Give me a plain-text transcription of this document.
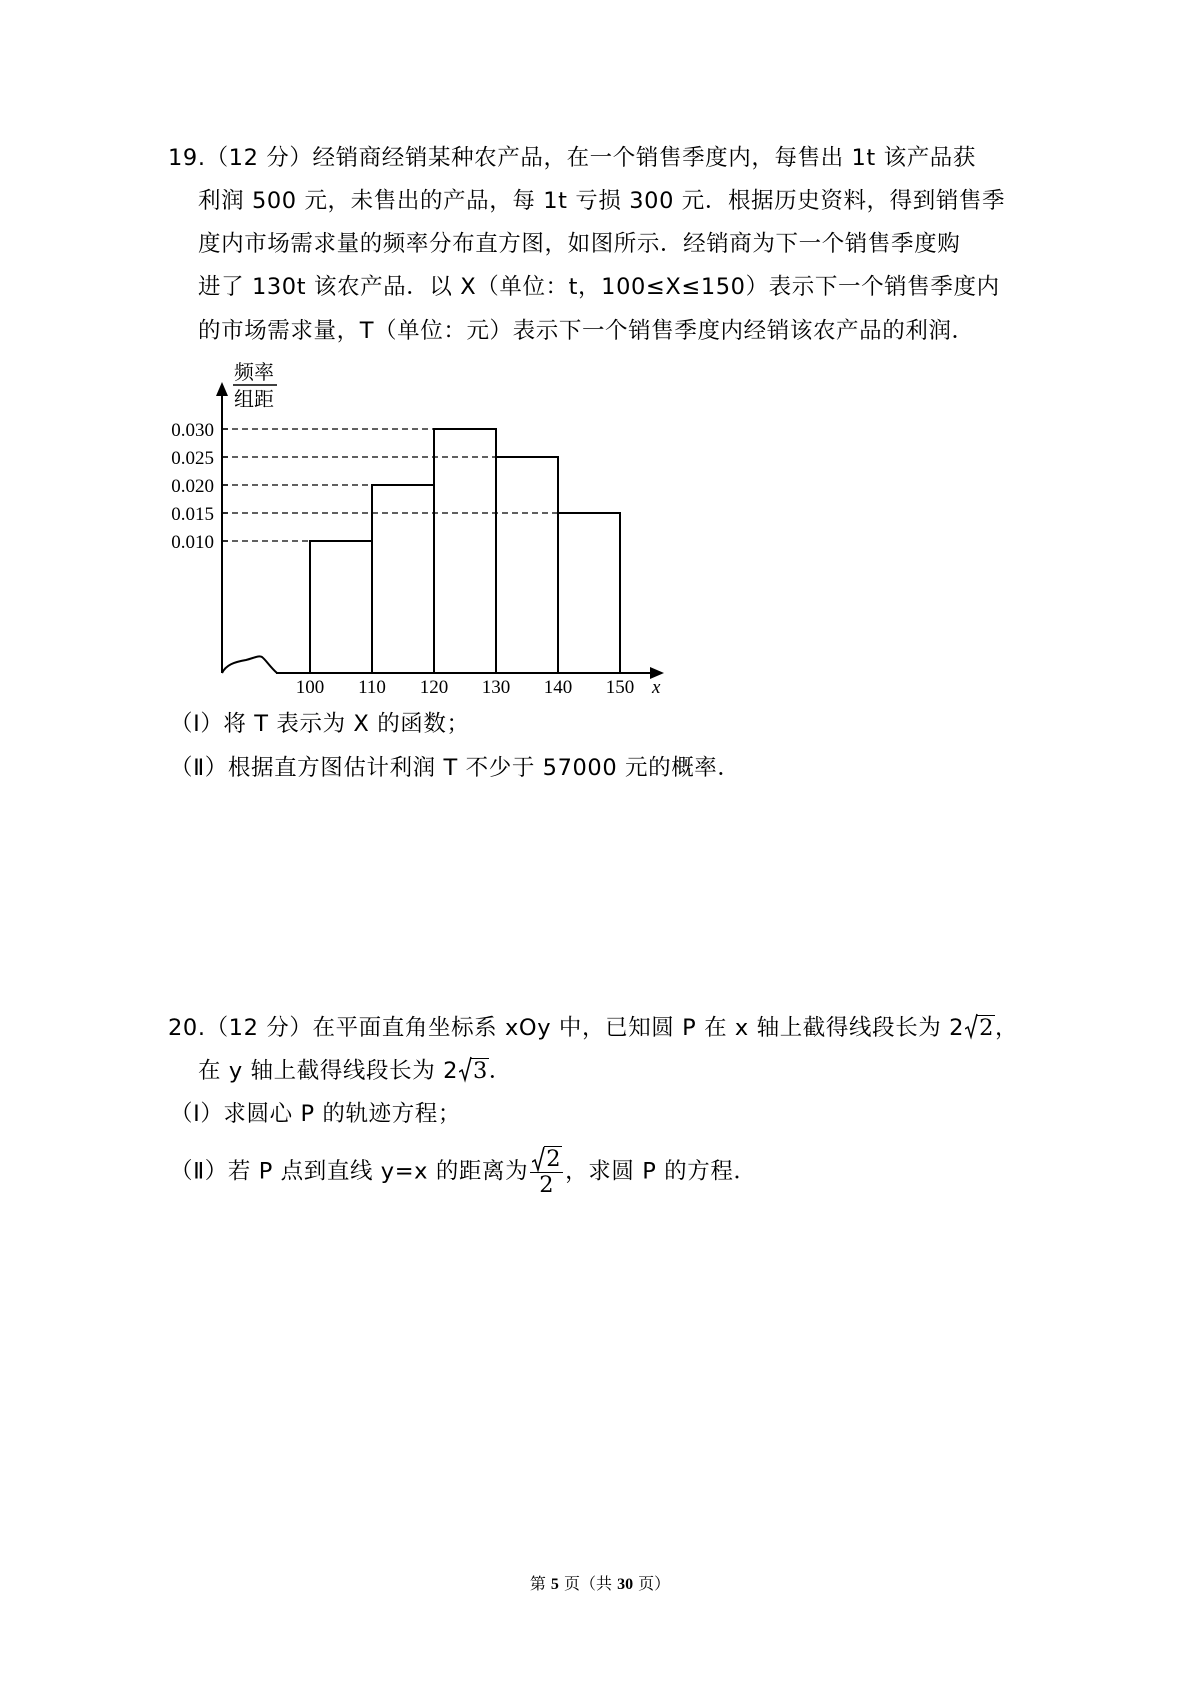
19.（12 分）经销商经销某种农产品，在一个销售季度内，每售出 1t 该产品获
利润 500 元，未售出的产品，每 1t 亏损 300 元．根据历史资料，得到销售季
度内市场需求量的频率分布直方图，如图所示．经销商为下一个销售季度购
进了 130t 该农产品．以 X（单位：t，100≤X≤150）表示下一个销售季度内
的市场需求量，T（单位：元）表示下一个销售季度内经销该农产品的利润．
0.030
0.025
0.020
0.015
0.010
100 110 120 130 140 150 x
频率
组距
（Ⅰ）将 T 表示为 X 的函数；
（Ⅱ）根据直方图估计利润 T 不少于 57000 元的概率．
20.（12 分）在平面直角坐标系 xOy 中，已知圆 P 在 x 轴上截得线段长为 2 2，
在 y 轴上截得线段长为 2 3．
（Ⅰ）求圆心 P 的轨迹方程；
（Ⅱ）若 P 点到直线 y=x 的距离为 $\frac{2}{2}$ ，求圆 P 的方程．
第 5 页（共 30 页）
